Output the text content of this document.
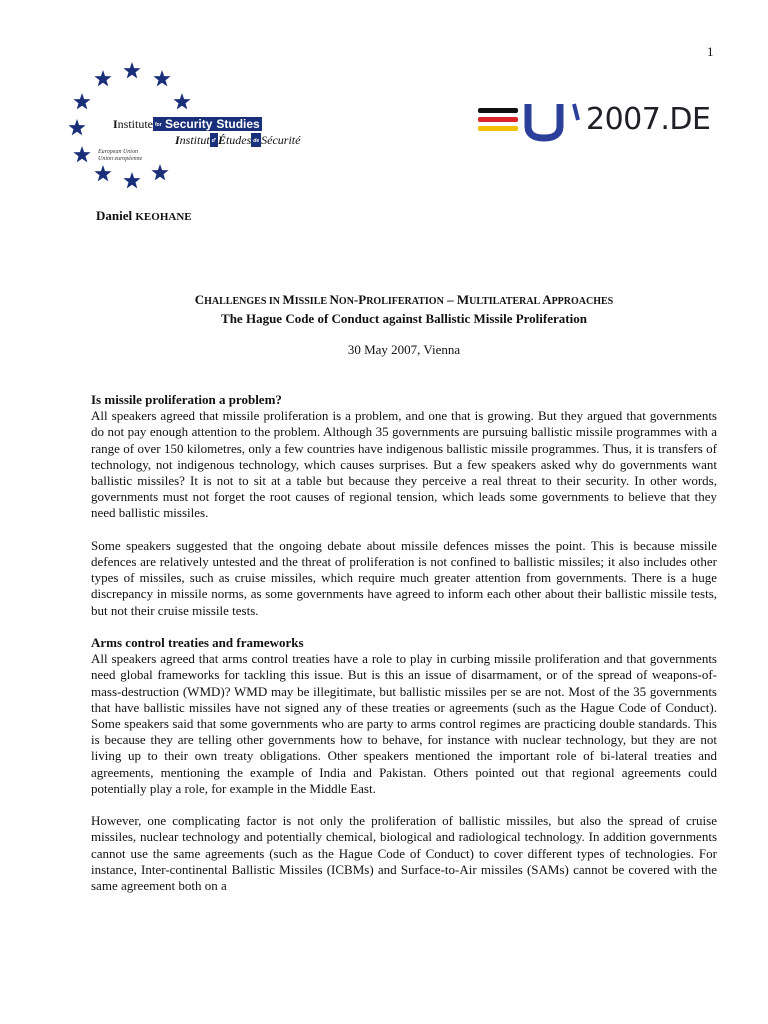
1
Institute for Security Studies
Institut d' Études de Sécurité
European Union
Union européenne
2007.DE
Daniel KEOHANE
CHALLENGES IN MISSILE NON-PROLIFERATION – MULTILATERAL APPROACHES
The Hague Code of Conduct against Ballistic Missile Proliferation
30 May 2007, Vienna
Is missile proliferation a problem?

All speakers agreed that missile proliferation is a problem, and one that is growing. But they argued that governments do not pay enough attention to the problem. Although 35 governments are pursuing ballistic missile programmes with a range of over 150 kilometres, only a few countries have indigenous ballistic missile programmes. Thus, it is transfers of technology, not indigenous technology, which causes surprises. But a few speakers asked why do governments want ballistic missiles? It is not to sit at a table but because they perceive a real threat to their security. In other words, governments must not forget the root causes of regional tension, which leads some governments to believe that they need ballistic missiles.

Some speakers suggested that the ongoing debate about missile defences misses the point. This is because missile defences are relatively untested and the threat of proliferation is not confined to ballistic missiles; it also includes other types of missiles, such as cruise missiles, which require much greater attention from governments. There is a huge discrepancy in missile norms, as some governments have agreed to inform each other about their ballistic missile tests, but not their cruise missile tests.

Arms control treaties and frameworks

All speakers agreed that arms control treaties have a role to play in curbing missile proliferation and that governments need global frameworks for tackling this issue. But is this an issue of disarmament, or of the spread of weapons-of-mass-destruction (WMD)? WMD may be illegitimate, but ballistic missiles per se are not. Most of the 35 governments that have ballistic missiles have not signed any of these treaties or agreements (such as the Hague Code of Conduct). Some speakers said that some governments who are party to arms control regimes are practicing double standards. This is because they are telling other governments how to behave, for instance with nuclear technology, but they are not living up to their own treaty obligations. Other speakers mentioned the important role of bi-lateral treaties and agreements, mentioning the example of India and Pakistan. Others pointed out that regional agreements could potentially play a role, for example in the Middle East.

However, one complicating factor is not only the proliferation of ballistic missiles, but also the spread of cruise missiles, nuclear technology and potentially chemical, biological and radiological technology. In addition governments cannot use the same agreements (such as the Hague Code of Conduct) to cover different types of technologies. For instance, Inter-continental Ballistic Missiles (ICBMs) and Surface-to-Air missiles (SAMs) cannot be covered with the same agreement both on a
